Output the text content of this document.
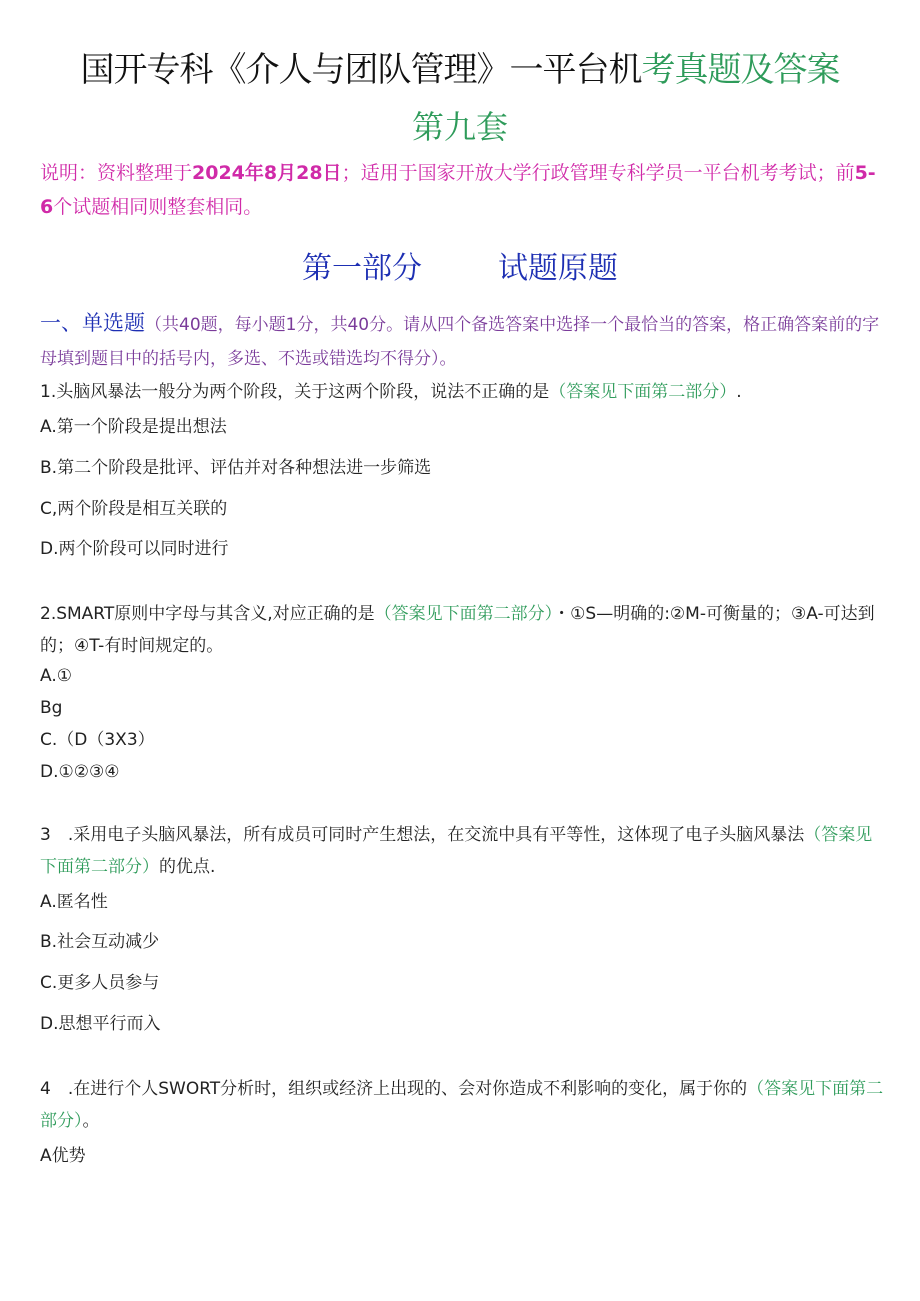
国开专科《介人与团队管理》一平台机考真题及答案
第九套
说明：资料整理于2024年8月28日；适用于国家开放大学行政管理专科学员一平台机考考试；前5-6个试题相同则整套相同。
第一部分	试题原题
一、单选题（共40题，每小题1分，共40分。请从四个备选答案中选择一个最恰当的答案，格正确答案前的字母填到题目中的括号内，多选、不选或错选均不得分）。
1.头脑风暴法一般分为两个阶段，关于这两个阶段，说法不正确的是（答案见下面第二部分）.
A.第一个阶段是提出想法
B.第二个阶段是批评、评估并对各种想法进一步筛选
C,两个阶段是相互关联的
D.两个阶段可以同时进行
2.SMART原则中字母与其含义,对应正确的是（答案见下面第二部分）・①S—明确的:②M-可衡量的；③A-可达到的；④T-有时间规定的。
A.①
Bg
C.（D（3X3）
D.①②③④
3　.采用电子头脑风暴法，所有成员可同时产生想法，在交流中具有平等性，这体现了电子头脑风暴法（答案见下面第二部分）的优点.
A.匿名性
B.社会互动减少
C.更多人员参与
D.思想平行而入
4　.在进行个人SWORT分析时，组织或经济上出现的、会对你造成不利影响的变化，属于你的（答案见下面第二部分）。
A优势
